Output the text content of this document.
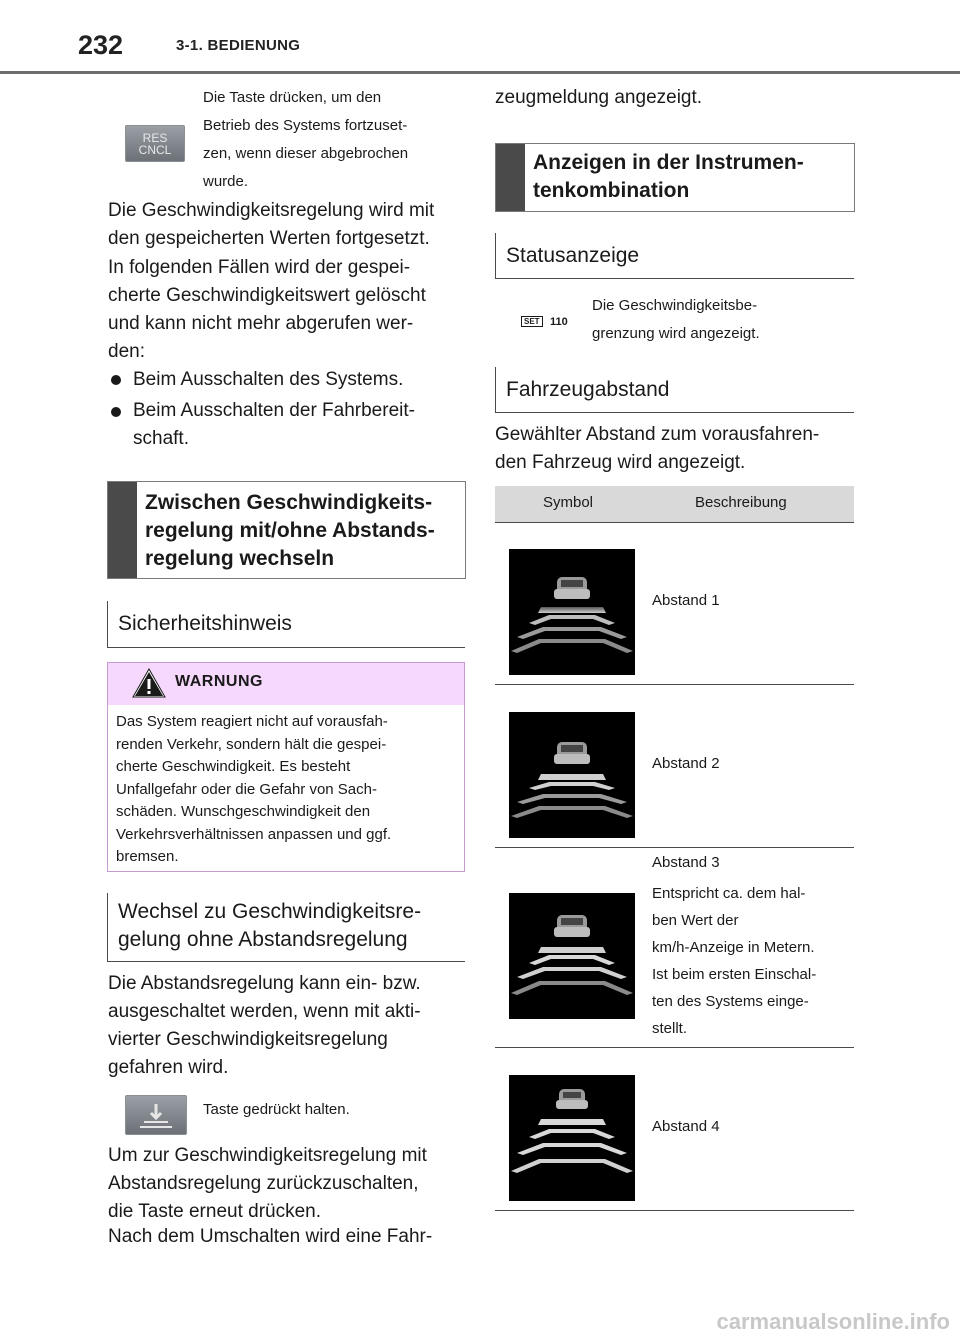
232	3-1. BEDIENUNG
RES
CNCL
Die Taste drücken, um den
Betrieb des Systems fortzuset-
zen, wenn dieser abgebrochen
wurde.
Die Geschwindigkeitsregelung wird mit
den gespeicherten Werten fortgesetzt.
In folgenden Fällen wird der gespei-
cherte Geschwindigkeitswert gelöscht
und kann nicht mehr abgerufen wer-
den:
Beim Ausschalten des Systems.
Beim Ausschalten der Fahrbereit-
schaft.
Zwischen Geschwindigkeits-
regelung mit/ohne Abstands-
regelung wechseln
Sicherheitshinweis
WARNUNG
Das System reagiert nicht auf vorausfah-
renden Verkehr, sondern hält die gespei-
cherte Geschwindigkeit. Es besteht
Unfallgefahr oder die Gefahr von Sach-
schäden. Wunschgeschwindigkeit den
Verkehrsverhältnissen anpassen und ggf.
bremsen.
Wechsel zu Geschwindigkeitsre-
gelung ohne Abstandsregelung
Die Abstandsregelung kann ein- bzw.
ausgeschaltet werden, wenn mit akti-
vierter Geschwindigkeitsregelung
gefahren wird.
Taste gedrückt halten.
Um zur Geschwindigkeitsregelung mit
Abstandsregelung zurückzuschalten,
die Taste erneut drücken.
Nach dem Umschalten wird eine Fahr-
zeugmeldung angezeigt.
Anzeigen in der Instrumen-
tenkombination
Statusanzeige
SET 110
Die Geschwindigkeitsbe-
grenzung wird angezeigt.
Fahrzeugabstand
Gewählter Abstand zum vorausfahren-
den Fahrzeug wird angezeigt.
Symbol	Beschreibung
Abstand 1
Abstand 2
Abstand 3
Entspricht ca. dem hal-
ben Wert der
km/h-Anzeige in Metern.
Ist beim ersten Einschal-
ten des Systems einge-
stellt.
Abstand 4
carmanualsonline.info
